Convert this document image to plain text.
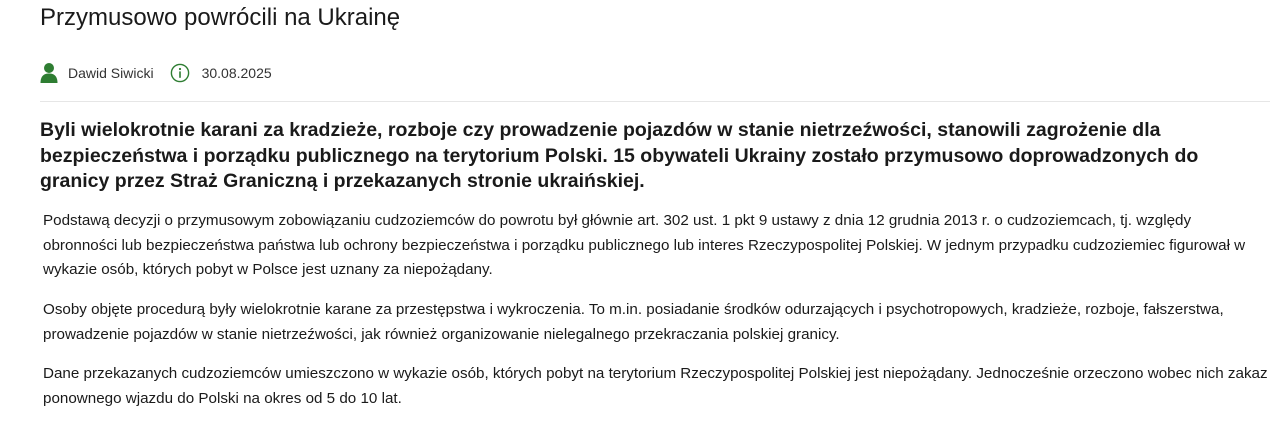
Przymusowo powrócili na Ukrainę
Dawid Siwicki	30.08.2025

Byli wielokrotnie karani za kradzieże, rozboje czy prowadzenie pojazdów w stanie nietrzeźwości, stanowili zagrożenie dla bezpieczeństwa i porządku publicznego na terytorium Polski. 15 obywateli Ukrainy zostało przymusowo doprowadzonych do granicy przez Straż Graniczną i przekazanych stronie ukraińskiej.

Podstawą decyzji o przymusowym zobowiązaniu cudzoziemców do powrotu był głównie art. 302 ust. 1 pkt 9 ustawy z dnia 12 grudnia 2013 r. o cudzoziemcach, tj. względy obronności lub bezpieczeństwa państwa lub ochrony bezpieczeństwa i porządku publicznego lub interes Rzeczypospolitej Polskiej. W jednym przypadku cudzoziemiec figurował w wykazie osób, których pobyt w Polsce jest uznany za niepożądany.

Osoby objęte procedurą były wielokrotnie karane za przestępstwa i wykroczenia. To m.in. posiadanie środków odurzających i psychotropowych, kradzieże, rozboje, fałszerstwa, prowadzenie pojazdów w stanie nietrzeźwości, jak również organizowanie nielegalnego przekraczania polskiej granicy.

Dane przekazanych cudzoziemców umieszczono w wykazie osób, których pobyt na terytorium Rzeczypospolitej Polskiej jest niepożądany. Jednocześnie orzeczono wobec nich zakaz ponownego wjazdu do Polski na okres od 5 do 10 lat.
